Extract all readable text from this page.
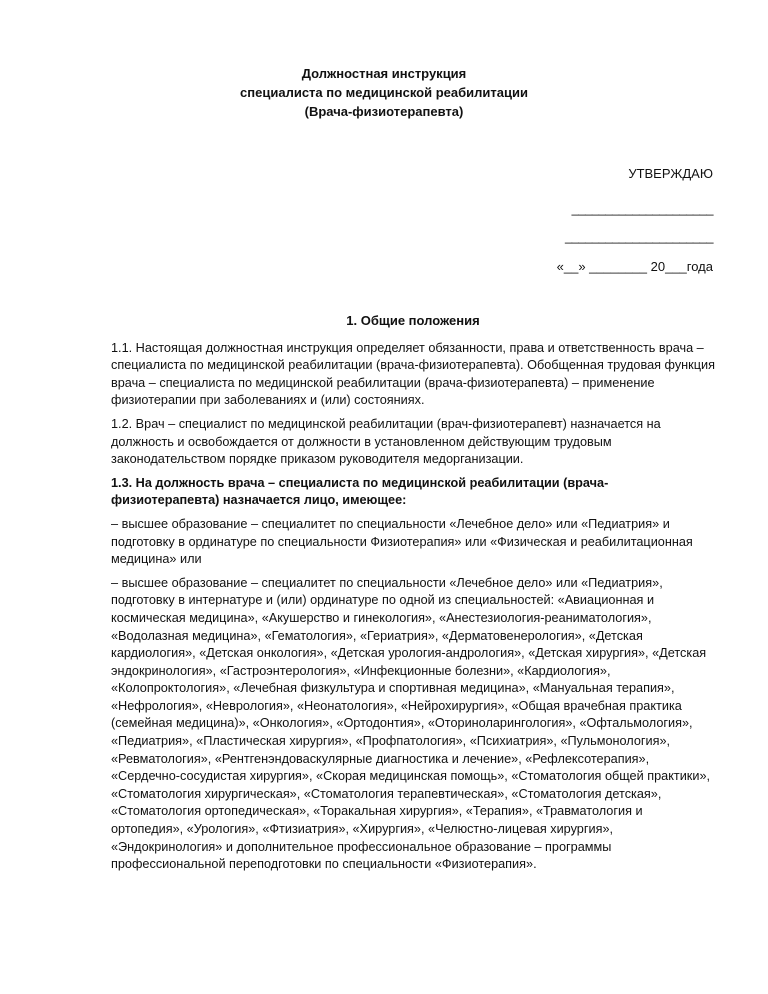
Должностная инструкция
специалиста по медицинской реабилитации
(Врача-физиотерапевта)
УТВЕРЖДАЮ
_____________________
______________________
«__» ________ 20___года
1. Общие положения

1.1. Настоящая должностная инструкция определяет обязанности, права и ответственность врача – специалиста по медицинской реабилитации (врача-физиотерапевта). Обобщенная трудовая функция врача – специалиста по медицинской реабилитации (врача-физиотерапевта) – применение физиотерапии при заболеваниях и (или) состояниях.

1.2. Врач – специалист по медицинской реабилитации (врач-физиотерапевт) назначается на должность и освобождается от должности в установленном действующим трудовым законодательством порядке приказом руководителя медорганизации.

1.3. На должность врача – специалиста по медицинской реабилитации (врача-физиотерапевта) назначается лицо, имеющее:

– высшее образование – специалитет по специальности «Лечебное дело» или «Педиатрия» и подготовку в ординатуре по специальности Физиотерапия» или «Физическая и реабилитационная медицина» или

– высшее образование – специалитет по специальности «Лечебное дело» или «Педиатрия», подготовку в интернатуре и (или) ординатуре по одной из специальностей: «Авиационная и космическая медицина», «Акушерство и гинекология», «Анестезиология-реаниматология», «Водолазная медицина», «Гематология», «Гериатрия», «Дерматовенерология», «Детская кардиология», «Детская онкология», «Детская урология-андрология», «Детская хирургия», «Детская эндокринология», «Гастроэнтерология», «Инфекционные болезни», «Кардиология», «Колопроктология», «Лечебная физкультура и спортивная медицина», «Мануальная терапия», «Нефрология», «Неврология», «Неонатология», «Нейрохирургия», «Общая врачебная практика (семейная медицина)», «Онкология», «Ортодонтия», «Оториноларингология», «Офтальмология», «Педиатрия», «Пластическая хирургия», «Профпатология», «Психиатрия», «Пульмонология», «Ревматология», «Рентгенэндоваскулярные диагностика и лечение», «Рефлексотерапия», «Сердечно-сосудистая хирургия», «Скорая медицинская помощь», «Стоматология общей практики», «Стоматология хирургическая», «Стоматология терапевтическая», «Стоматология детская», «Стоматология ортопедическая», «Торакальная хирургия», «Терапия», «Травматология и ортопедия», «Урология», «Фтизиатрия», «Хирургия», «Челюстно-лицевая хирургия», «Эндокринология» и дополнительное профессиональное образование – программы профессиональной переподготовки по специальности «Физиотерапия».
